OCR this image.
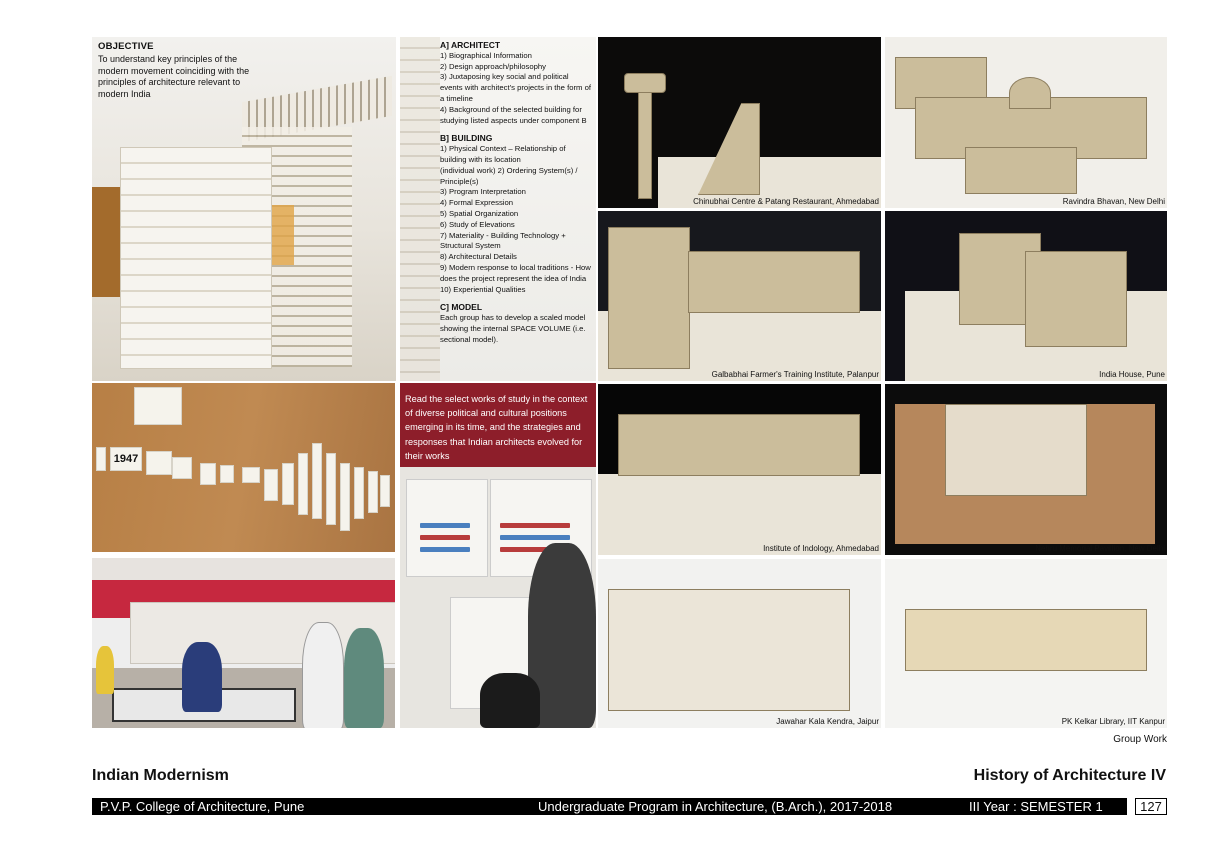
OBJECTIVE
To understand key principles of the modern movement coinciding with the principles of architecture relevant to modern India
A] ARCHITECT
1) Biographical Information
2) Design approach/philosophy
3) Juxtaposing key social and political events with architect's projects in the form of a timeline
4) Background of the selected building for studying listed aspects under component B
B] BUILDING
1) Physical Context – Relationship of building with its location
(individual work) 2) Ordering System(s) / Principle(s)
3) Program Interpretation
4) Formal Expression
5) Spatial Organization
6) Study of Elevations
7) Materiality - Building Technology + Structural System
8) Architectural Details
9) Modern response to local traditions - How does the project represent the idea of India
10) Experiential Qualities
C] MODEL
Each group has to develop a scaled model showing the internal SPACE VOLUME (i.e. sectional model).
1947
Read the select works of study in the context of diverse political and cultural positions emerging in its time, and the strategies and responses that Indian architects evolved for their works
Chinubhai Centre & Patang Restaurant, Ahmedabad	Ravindra Bhavan, New Delhi
Galbabhai Farmer's Training Institute, Palanpur	India House, Pune
Institute of Indology, Ahmedabad	Nehru Memorial Pavillion, New Delhi
Jawahar Kala Kendra, Jaipur	PK Kelkar Library, IIT Kanpur
Group Work
Indian Modernism	History of Architecture IV
P.V.P. College of Architecture, Pune	Undergraduate Program in Architecture, (B.Arch.), 2017-2018	III Year : SEMESTER 1	127
